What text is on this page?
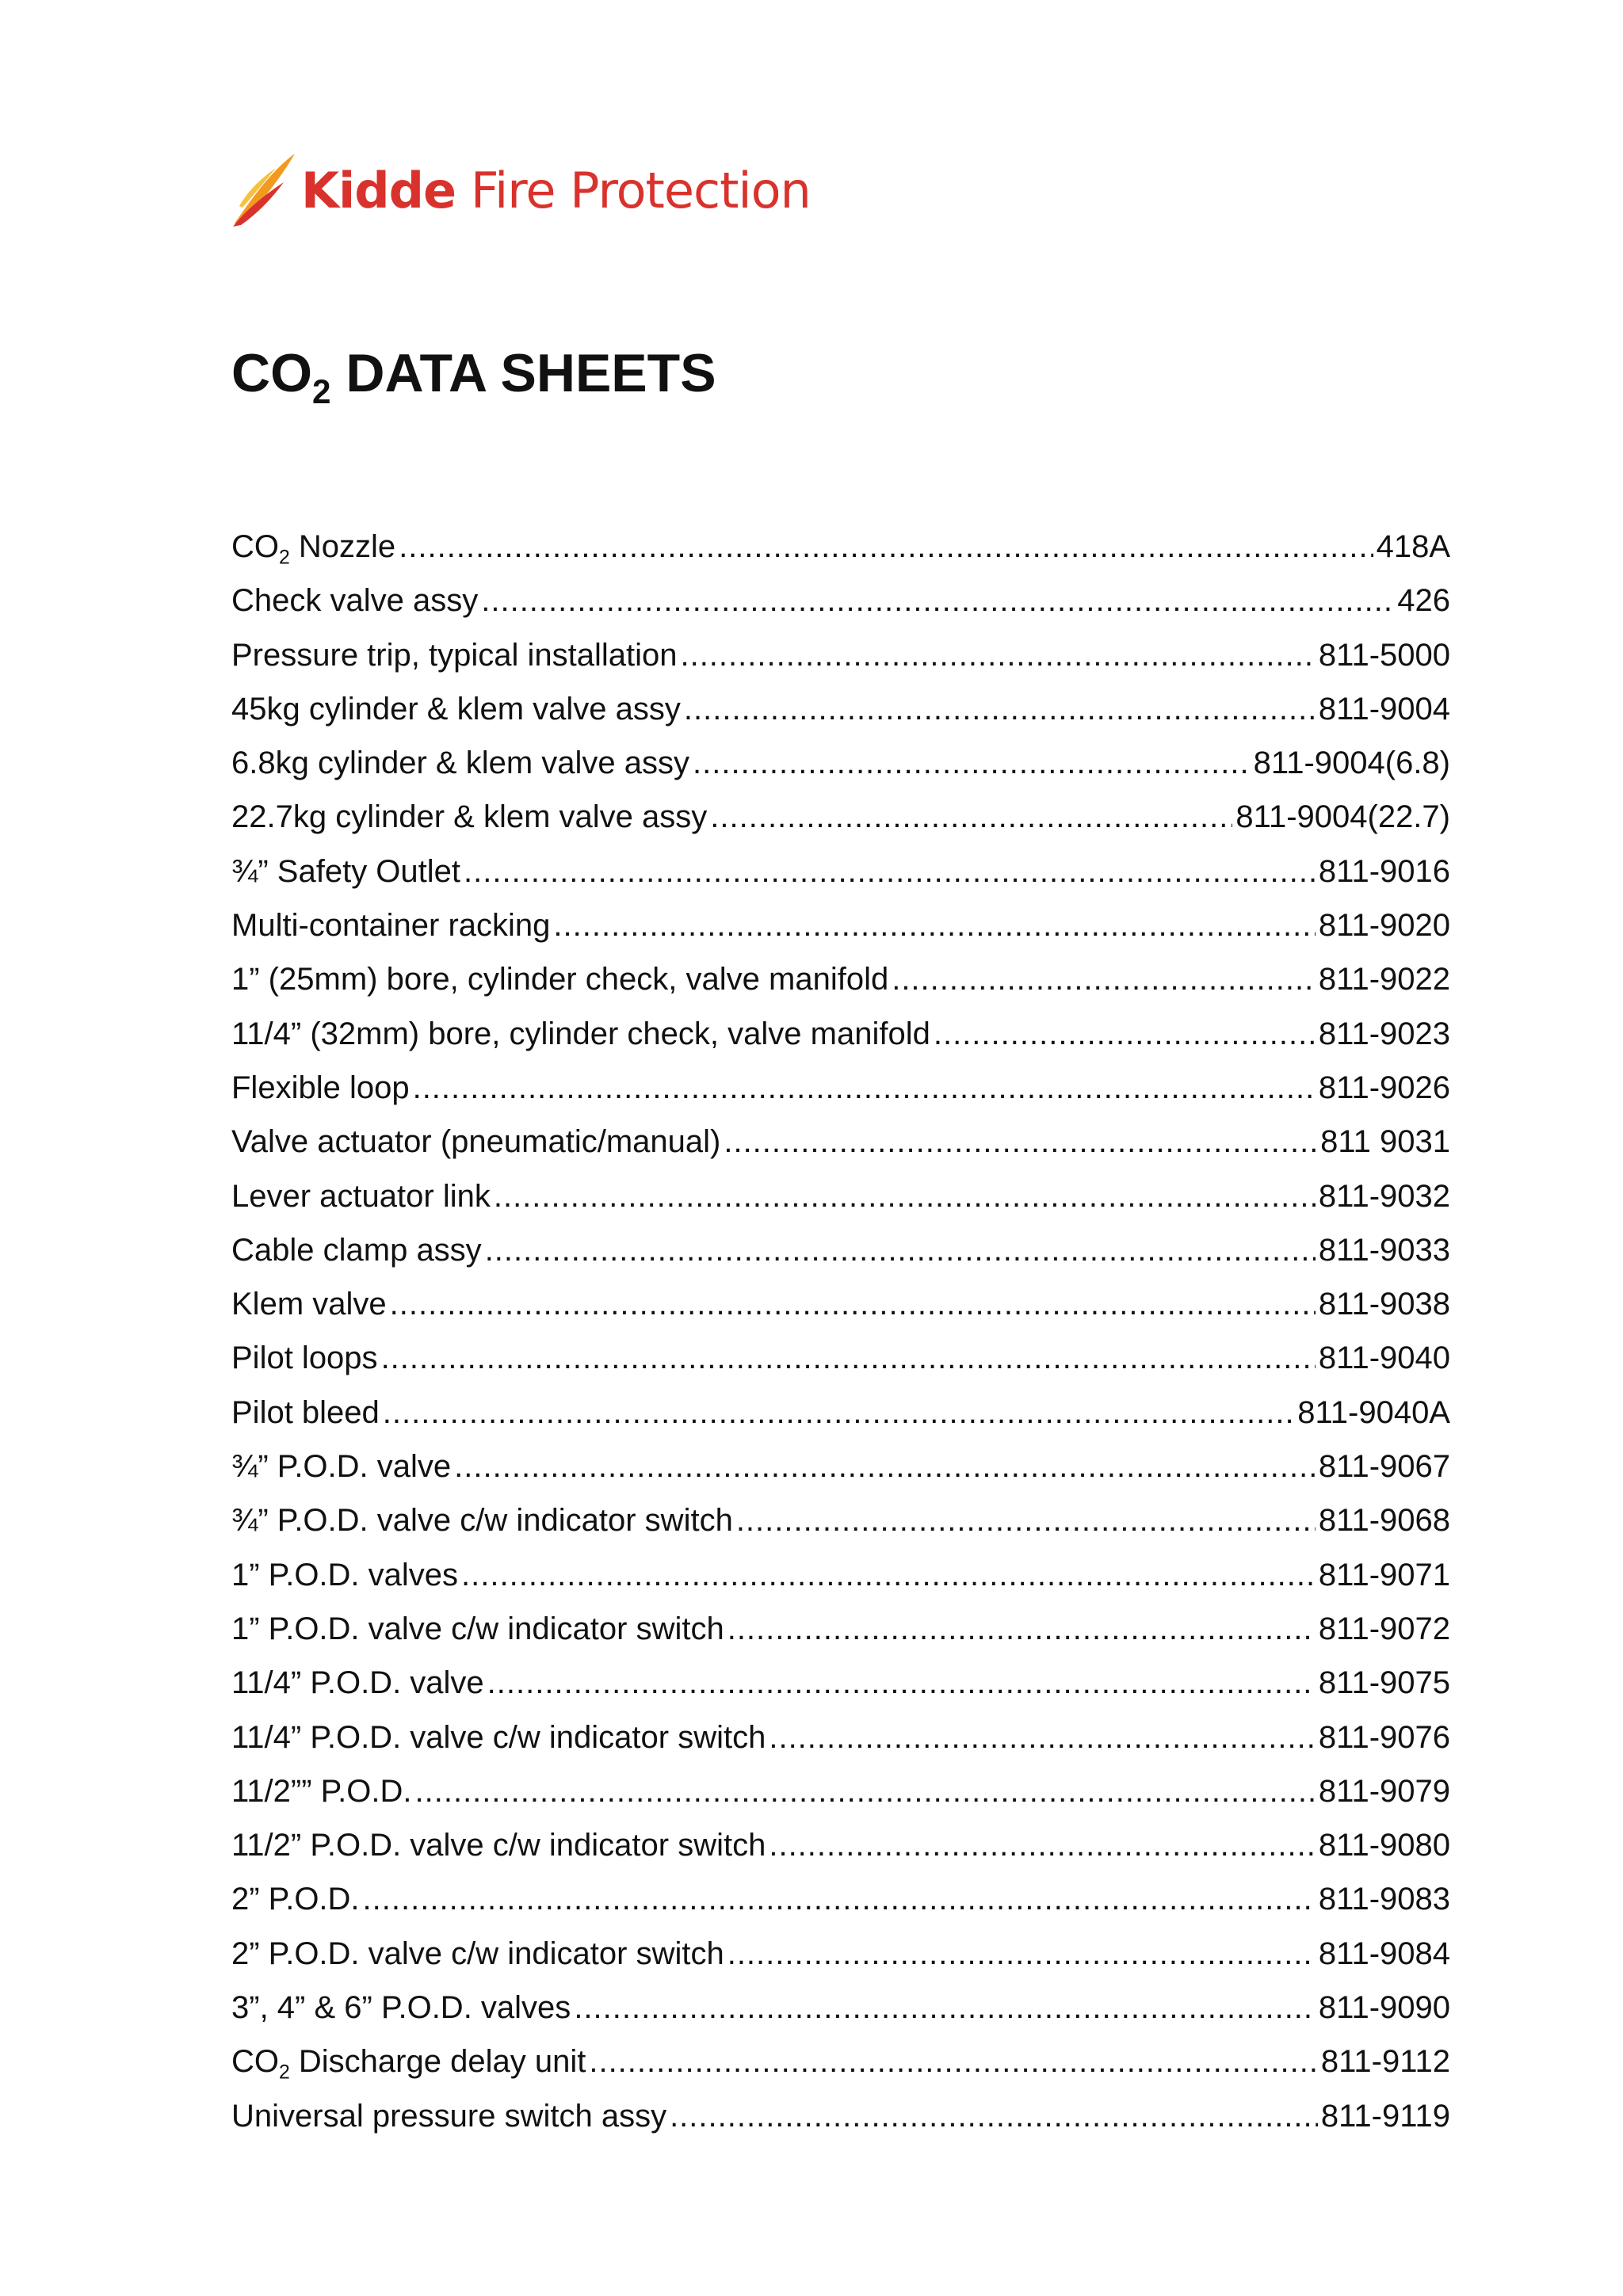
Kidde Fire Protection
$CO_2$ DATA SHEETS
$CO_2$ Nozzle .....	418A
Check valve assy .....	426
Pressure trip, typical installation .....	811-5000
45kg cylinder & klem valve assy .....	811-9004
6.8kg cylinder & klem valve assy .....	811-9004(6.8)
22.7kg cylinder & klem valve assy .....	811-9004(22.7)
¾” Safety Outlet .....	811-9016
Multi-container racking .....	811-9020
1” (25mm) bore, cylinder check, valve manifold .....	811-9022
11/4” (32mm) bore, cylinder check, valve manifold .....	811-9023
Flexible loop .....	811-9026
Valve actuator (pneumatic/manual) .....	811 9031
Lever actuator link .....	811-9032
Cable clamp assy .....	811-9033
Klem valve .....	811-9038
Pilot loops .....	811-9040
Pilot bleed .....	811-9040A
¾” P.O.D. valve .....	811-9067
¾” P.O.D. valve c/w indicator switch .....	811-9068
1” P.O.D. valves .....	811-9071
1” P.O.D. valve c/w indicator switch .....	811-9072
11/4” P.O.D. valve .....	811-9075
11/4” P.O.D. valve c/w indicator switch .....	811-9076
11/2”” P.O.D. .....	811-9079
11/2” P.O.D. valve c/w indicator switch .....	811-9080
2” P.O.D. .....	811-9083
2” P.O.D. valve c/w indicator switch .....	811-9084
3”, 4” & 6” P.O.D. valves .....	811-9090
$CO_2$ Discharge delay unit .....	811-9112
Universal pressure switch assy .....	811-9119
